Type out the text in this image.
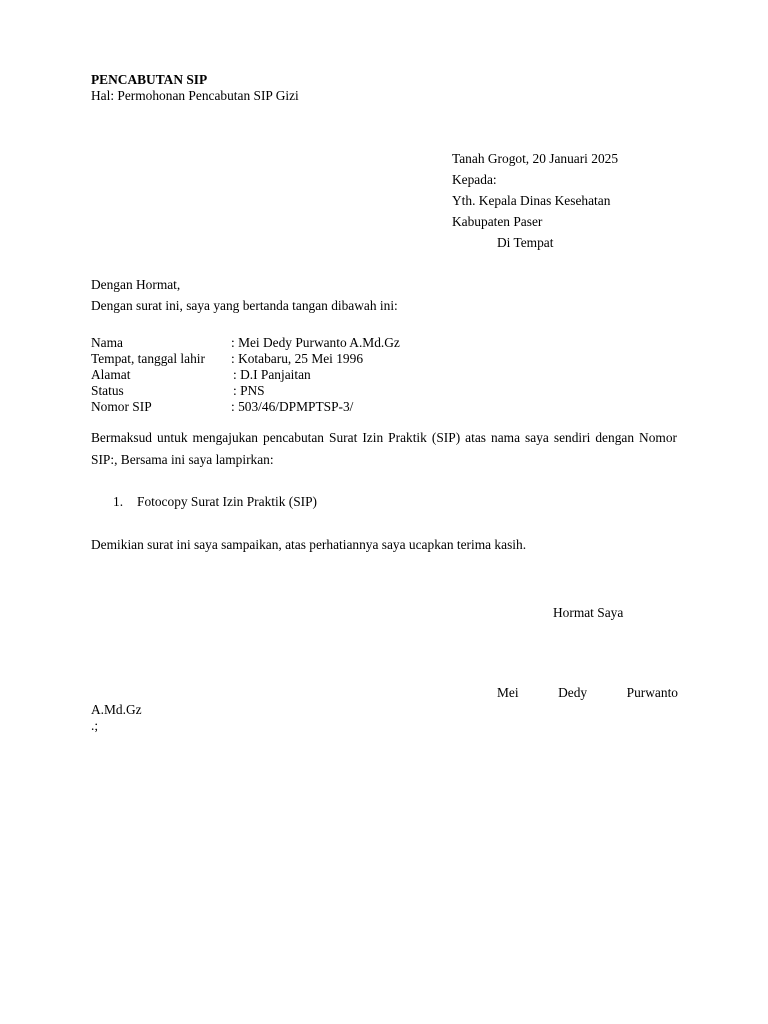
PENCABUTAN SIP
Hal: Permohonan Pencabutan SIP Gizi
Tanah Grogot, 20 Januari 2025
Kepada:
Yth. Kepala Dinas Kesehatan
Kabupaten Paser
Di Tempat
Dengan Hormat,
Dengan surat ini, saya yang bertanda tangan dibawah ini:
Nama	: Mei Dedy Purwanto A.Md.Gz
Tempat, tanggal lahir : Kotabaru, 25 Mei 1996
Alamat	: D.I Panjaitan
Status	: PNS
Nomor SIP	: 503/46/DPMPTSP-3/
Bermaksud untuk mengajukan pencabutan Surat Izin Praktik (SIP) atas nama saya sendiri dengan Nomor SIP:, Bersama ini saya lampirkan:
1. Fotocopy Surat Izin Praktik (SIP)
Demikian surat ini saya sampaikan, atas perhatiannya saya ucapkan terima kasih.
Hormat Saya
Mei	Dedy	Purwanto
A.Md.Gz
.;
